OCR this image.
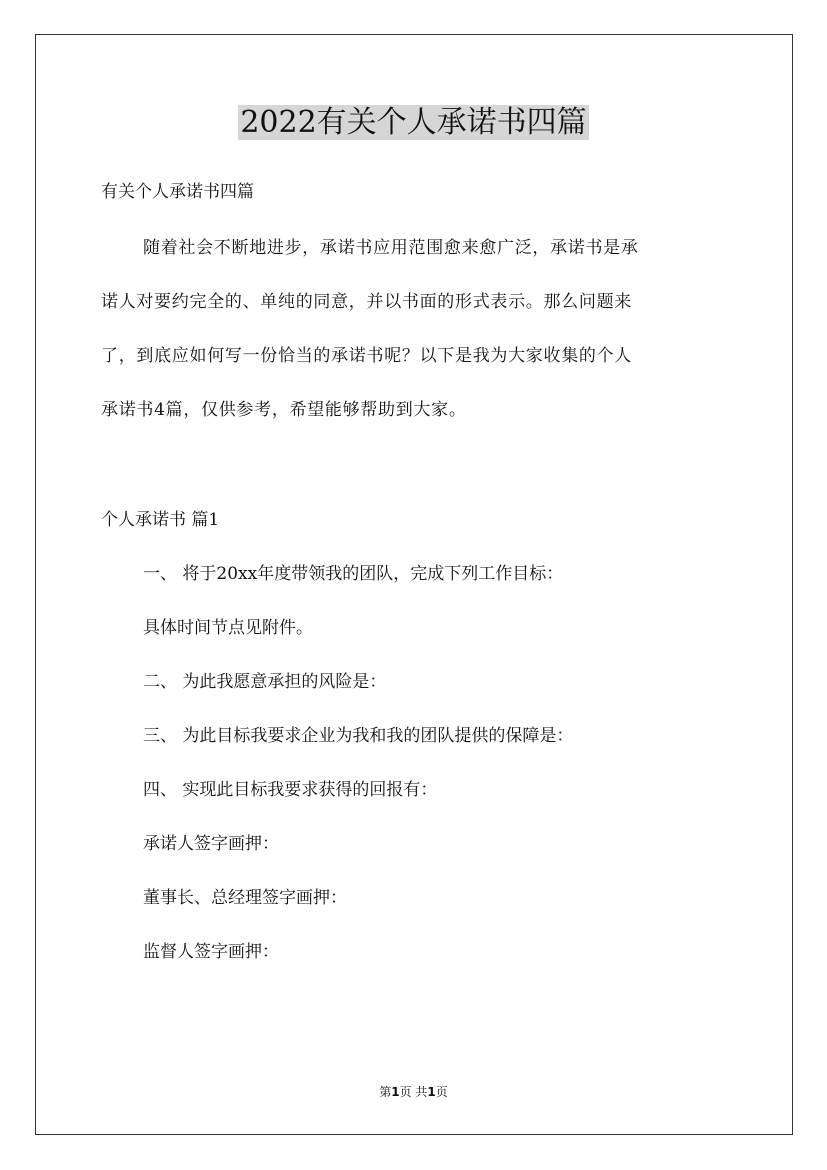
2022有关个人承诺书四篇
有关个人承诺书四篇
随着社会不断地进步，承诺书应用范围愈来愈广泛，承诺书是承
诺人对要约完全的、单纯的同意，并以书面的形式表示。那么问题来
了，到底应如何写一份恰当的承诺书呢？以下是我为大家收集的个人
承诺书4篇，仅供参考，希望能够帮助到大家。
个人承诺书 篇1
一、 将于20xx年度带领我的团队，完成下列工作目标：
具体时间节点见附件。
二、 为此我愿意承担的风险是：
三、 为此目标我要求企业为我和我的团队提供的保障是：
四、 实现此目标我要求获得的回报有：
承诺人签字画押：
董事长、总经理签字画押：
监督人签字画押：
第1页 共1页
